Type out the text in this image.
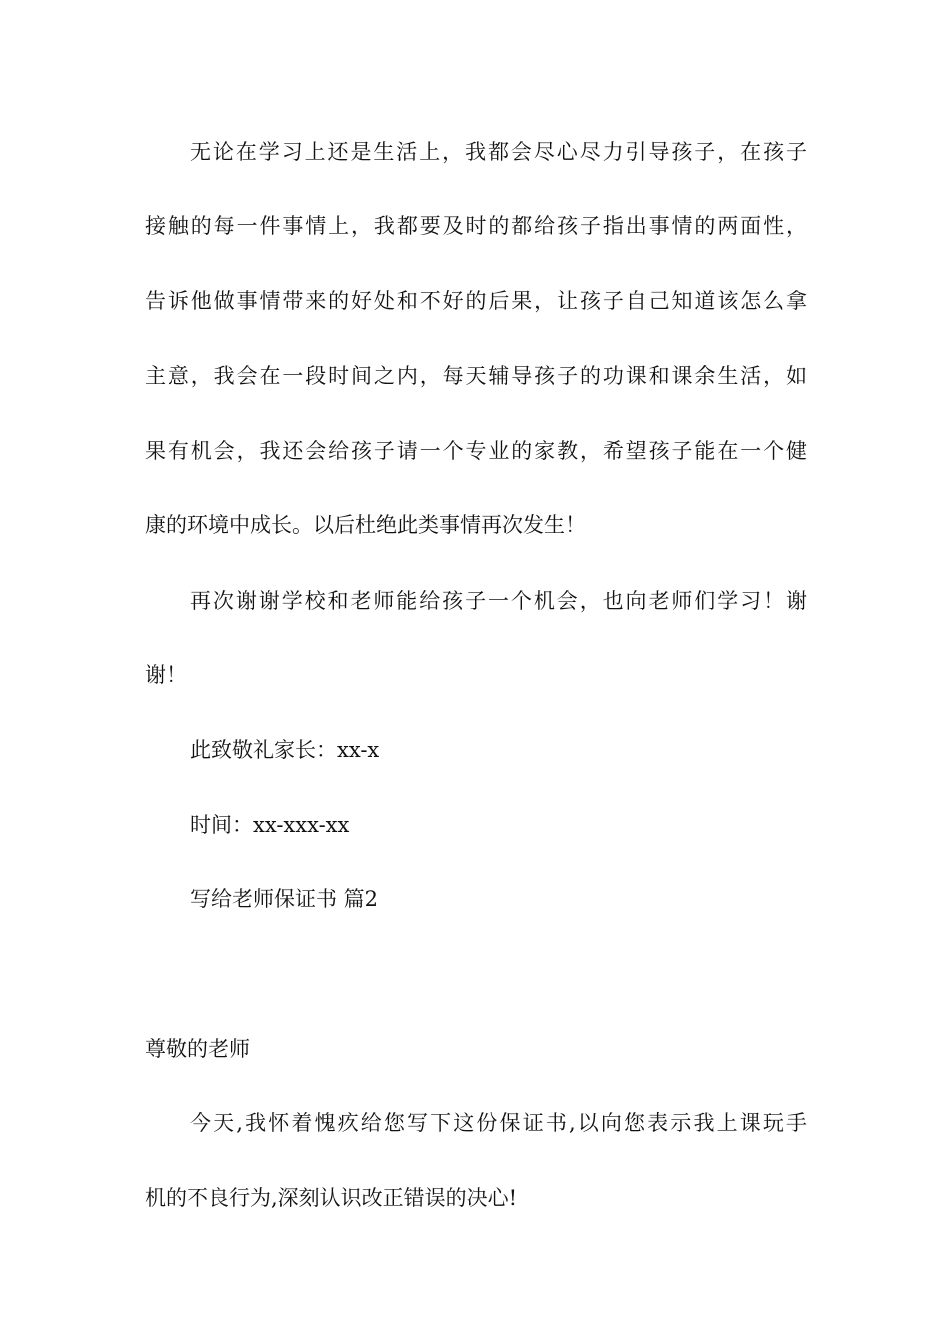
无论在学习上还是生活上，我都会尽心尽力引导孩子，在孩子
接触的每一件事情上，我都要及时的都给孩子指出事情的两面性，
告诉他做事情带来的好处和不好的后果，让孩子自己知道该怎么拿
主意，我会在一段时间之内，每天辅导孩子的功课和课余生活，如
果有机会，我还会给孩子请一个专业的家教，希望孩子能在一个健
康的环境中成长。以后杜绝此类事情再次发生！
再次谢谢学校和老师能给孩子一个机会，也向老师们学习！谢
谢！
此致敬礼家长：xx-x
时间：xx-xxx-xx
写给老师保证书 篇2
尊敬的老师
今天,我怀着愧疚给您写下这份保证书,以向您表示我上课玩手
机的不良行为,深刻认识改正错误的决心!
